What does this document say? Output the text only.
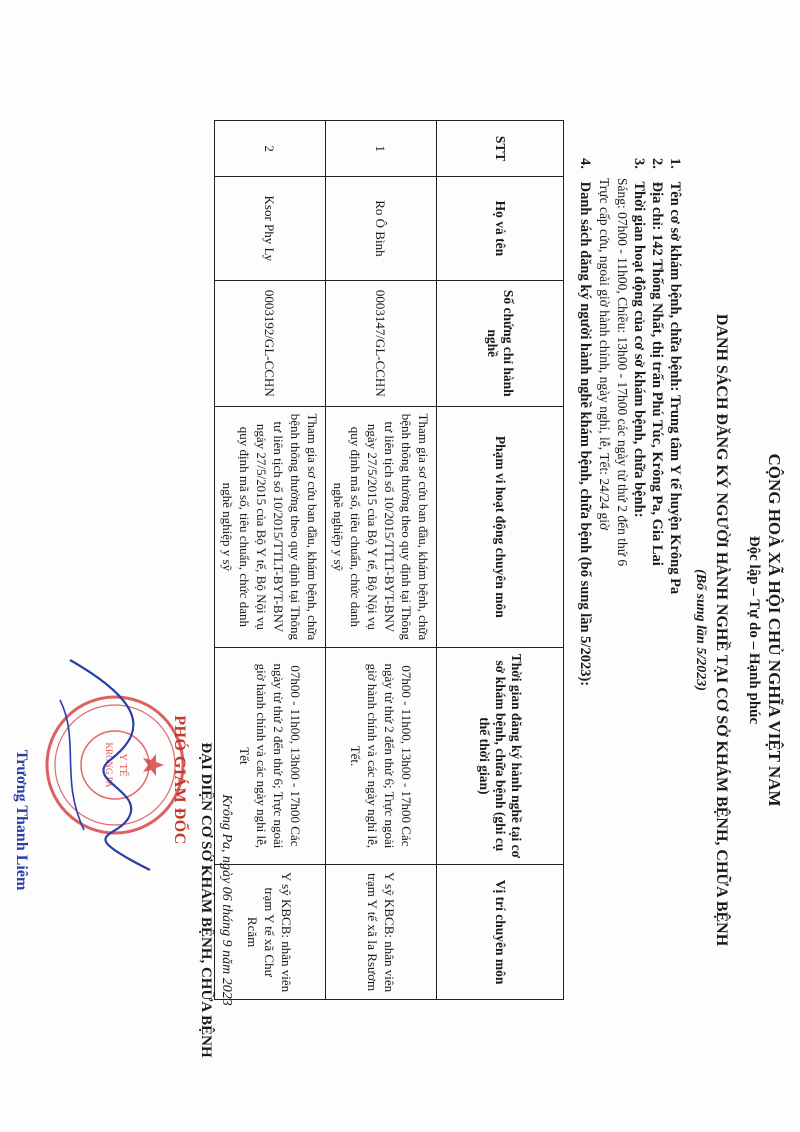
CỘNG HOÀ XÃ HỘI CHỦ NGHĨA VIỆT NAM
Độc lập – Tự do – Hạnh phúc
DANH SÁCH ĐĂNG KÝ NGƯỜI HÀNH NGHỀ TẠI CƠ SỞ KHÁM BỆNH, CHỮA BỆNH
(Bổ sung lần 5/2023)
1. Tên cơ sở khám bệnh, chữa bệnh: Trung tâm Y tế huyện Krông Pa
2. Địa chỉ: 142 Thống Nhất, thị trấn Phú Túc, Krông Pa, Gia Lai
3. Thời gian hoạt động của cơ sở khám bệnh, chữa bệnh:
Sáng: 07h00 - 11h00, Chiều: 13h00 - 17h00 các ngày từ thứ 2 đến thứ 6
Trực cấp cứu, ngoài giờ hành chính, ngày nghỉ, lễ, Tết: 24/24 giờ
4. Danh sách đăng ký người hành nghề khám bệnh, chữa bệnh (bổ sung lần 5/2023):
STT	Họ và tên	Số chứng chỉ hành nghề	Phạm vi hoạt động chuyên môn	Thời gian đăng ký hành nghề tại cơ sở khám bệnh, chữa bệnh (ghi cụ thể thời gian)	Vị trí chuyên môn
1	Ro Ô Bình	0003147/GL-CCHN	Tham gia sơ cứu ban đầu, khám bệnh, chữa bệnh thông thường theo quy định tại Thông tư liên tịch số 10/2015/TTLT-BYT-BNV ngày 27/5/2015 của Bộ Y tế, Bộ Nội vụ quy định mã số, tiêu chuẩn, chức danh nghề nghiệp y sỹ	07h00 - 11h00, 13h00 - 17h00 Các ngày từ thứ 2 đến thứ 6; Trực ngoài giờ hành chính và các ngày nghỉ lễ, Tết.	Y sỹ KBCB: nhân viên trạm Y tế xã Ia Rsươm
2	Ksor Phy Ly	0003192/GL-CCHN	Tham gia sơ cứu ban đầu, khám bệnh, chữa bệnh thông thường theo quy định tại Thông tư liên tịch số 10/2015/TTLT-BYT-BNV ngày 27/5/2015 của Bộ Y tế, Bộ Nội vụ quy định mã số, tiêu chuẩn, chức danh nghề nghiệp y sỹ	07h00 - 11h00, 13h00 - 17h00 Các ngày từ thứ 2 đến thứ 6; Trực ngoài giờ hành chính và các ngày nghỉ lễ, Tết	Y sỹ KBCB: nhân viên trạm Y tế xã Chư Rcăm
Krông Pa, ngày 06 tháng 9 năm 2023
ĐẠI DIỆN CƠ SỞ KHÁM BỆNH, CHỮA BỆNH
Y TẾ
KRÔNG PA	PHÓ GIÁM ĐỐC
Trương Thanh Liêm
